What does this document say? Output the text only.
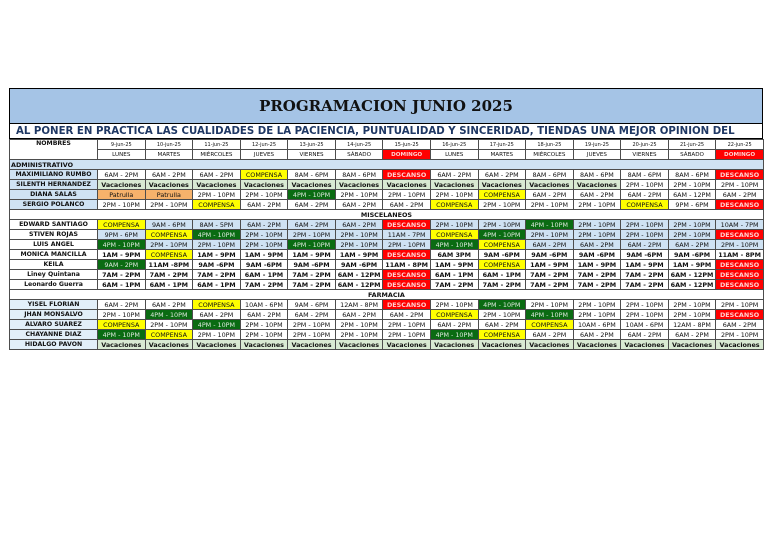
PROGRAMACION JUNIO 2025
AL PONER EN PRACTICA LAS CUALIDADES DE LA PACIENCIA, PUNTUALIDAD Y SINCERIDAD, TIENDAS UNA MEJOR OPINION DEL
NOMBRES	9-jun-25	10-jun-25	11-jun-25	12-jun-25	13-jun-25	14-jun-25	15-jun-25	16-jun-25	17-jun-25	18-jun-25	19-jun-25	20-jun-25	21-jun-25	22-jun-25
	LUNES	MARTES	MIÉRCOLES	JUEVES	VIERNES	SÁBADO	DOMINGO	LUNES	MARTES	MIÉRCOLES	JUEVES	VIERNES	SÁBADO	DOMINGO
ADMINISTRATIVO														
MAXIMILIANO RUMBO	6AM - 2PM	6AM - 2PM	6AM - 2PM	COMPENSA	8AM - 6PM	8AM - 6PM	DESCANSO	6AM - 2PM	6AM - 2PM	8AM - 6PM	8AM - 6PM	8AM - 6PM	8AM - 6PM	DESCANSO
SILENTH HERNANDEZ	Vacaciones	Vacaciones	Vacaciones	Vacaciones	Vacaciones	Vacaciones	Vacaciones	Vacaciones	Vacaciones	Vacaciones	Vacaciones	2PM - 10PM	2PM - 10PM	2PM - 10PM
DIANA SALAS	Patrulla	Patrulla	2PM - 10PM	2PM - 10PM	4PM - 10PM	2PM - 10PM	2PM - 10PM	2PM - 10PM	COMPENSA	6AM - 2PM	6AM - 2PM	6AM - 2PM	6AM - 12PM	6AM - 2PM
SERGIO POLANCO	2PM - 10PM	2PM - 10PM	COMPENSA	6AM - 2PM	6AM - 2PM	6AM - 2PM	6AM - 2PM	COMPENSA	2PM - 10PM	2PM - 10PM	2PM - 10PM	COMPENSA	9PM - 6PM	DESCANSO
MISCELANEOS														
EDWARD SANTIAGO	COMPENSA	9AM - 6PM	8AM - 5PM	6AM - 2PM	6AM - 2PM	6AM - 2PM	DESCANSO	2PM - 10PM	2PM - 10PM	4PM - 10PM	2PM - 10PM	2PM - 10PM	2PM - 10PM	10AM - 7PM
STIVEN ROJAS	9PM - 6PM	COMPENSA	4PM - 10PM	2PM - 10PM	2PM - 10PM	2PM - 10PM	11AM - 7PM	COMPENSA	4PM - 10PM	2PM - 10PM	2PM - 10PM	2PM - 10PM	2PM - 10PM	DESCANSO
LUIS ANGEL	4PM - 10PM	2PM - 10PM	2PM - 10PM	2PM - 10PM	4PM - 10PM	2PM - 10PM	2PM - 10PM	4PM - 10PM	COMPENSA	6AM - 2PM	6AM - 2PM	6AM - 2PM	6AM - 2PM	2PM - 10PM
MONICA MANCILLA	1AM - 9PM	COMPENSA	1AM - 9PM	1AM - 9PM	1AM - 9PM	1AM - 9PM	DESCANSO	6AM 3PM	9AM -6PM	9AM -6PM	9AM -6PM	9AM -6PM	9AM -6PM	11AM - 8PM
KEILA	9AM - 2PM	11AM -8PM	9AM -6PM	9AM -6PM	9AM -6PM	9AM -6PM	11AM - 8PM	1AM - 9PM	COMPENSA	1AM - 9PM	1AM - 9PM	1AM - 9PM	1AM - 9PM	DESCANSO
Liney Quintana	7AM - 2PM	7AM - 2PM	7AM - 2PM	6AM - 1PM	7AM - 2PM	6AM - 12PM	DESCANSO	6AM - 1PM	6AM - 1PM	7AM - 2PM	7AM - 2PM	7AM - 2PM	6AM - 12PM	DESCANSO
Leonardo Guerra	6AM - 1PM	6AM - 1PM	6AM - 1PM	7AM - 2PM	7AM - 2PM	6AM - 12PM	DESCANSO	7AM - 2PM	7AM - 2PM	7AM - 2PM	7AM - 2PM	7AM - 2PM	6AM - 12PM	DESCANSO
FARMACIA														
YISEL FLORIAN	6AM - 2PM	6AM - 2PM	COMPENSA	10AM - 6PM	9AM - 6PM	12AM - 8PM	DESCANSO	2PM - 10PM	4PM - 10PM	2PM - 10PM	2PM - 10PM	2PM - 10PM	2PM - 10PM	2PM - 10PM
JHAN MONSALVO	2PM - 10PM	4PM - 10PM	6AM - 2PM	6AM - 2PM	6AM - 2PM	6AM - 2PM	6AM - 2PM	COMPENSA	2PM - 10PM	4PM - 10PM	2PM - 10PM	2PM - 10PM	2PM - 10PM	DESCANSO
ALVARO SUAREZ	COMPENSA	2PM - 10PM	4PM - 10PM	2PM - 10PM	2PM - 10PM	2PM - 10PM	2PM - 10PM	6AM - 2PM	6AM - 2PM	COMPENSA	10AM - 6PM	10AM - 6PM	12AM - 8PM	6AM - 2PM
CHAYANNE DIAZ	4PM - 10PM	COMPENSA	2PM - 10PM	2PM - 10PM	2PM - 10PM	2PM - 10PM	2PM - 10PM	4PM - 10PM	COMPENSA	6AM - 2PM	6AM - 2PM	6AM - 2PM	6AM - 2PM	2PM - 10PM
HIDALGO PAVON	Vacaciones	Vacaciones	Vacaciones	Vacaciones	Vacaciones	Vacaciones	Vacaciones	Vacaciones	Vacaciones	Vacaciones	Vacaciones	Vacaciones	Vacaciones	Vacaciones
